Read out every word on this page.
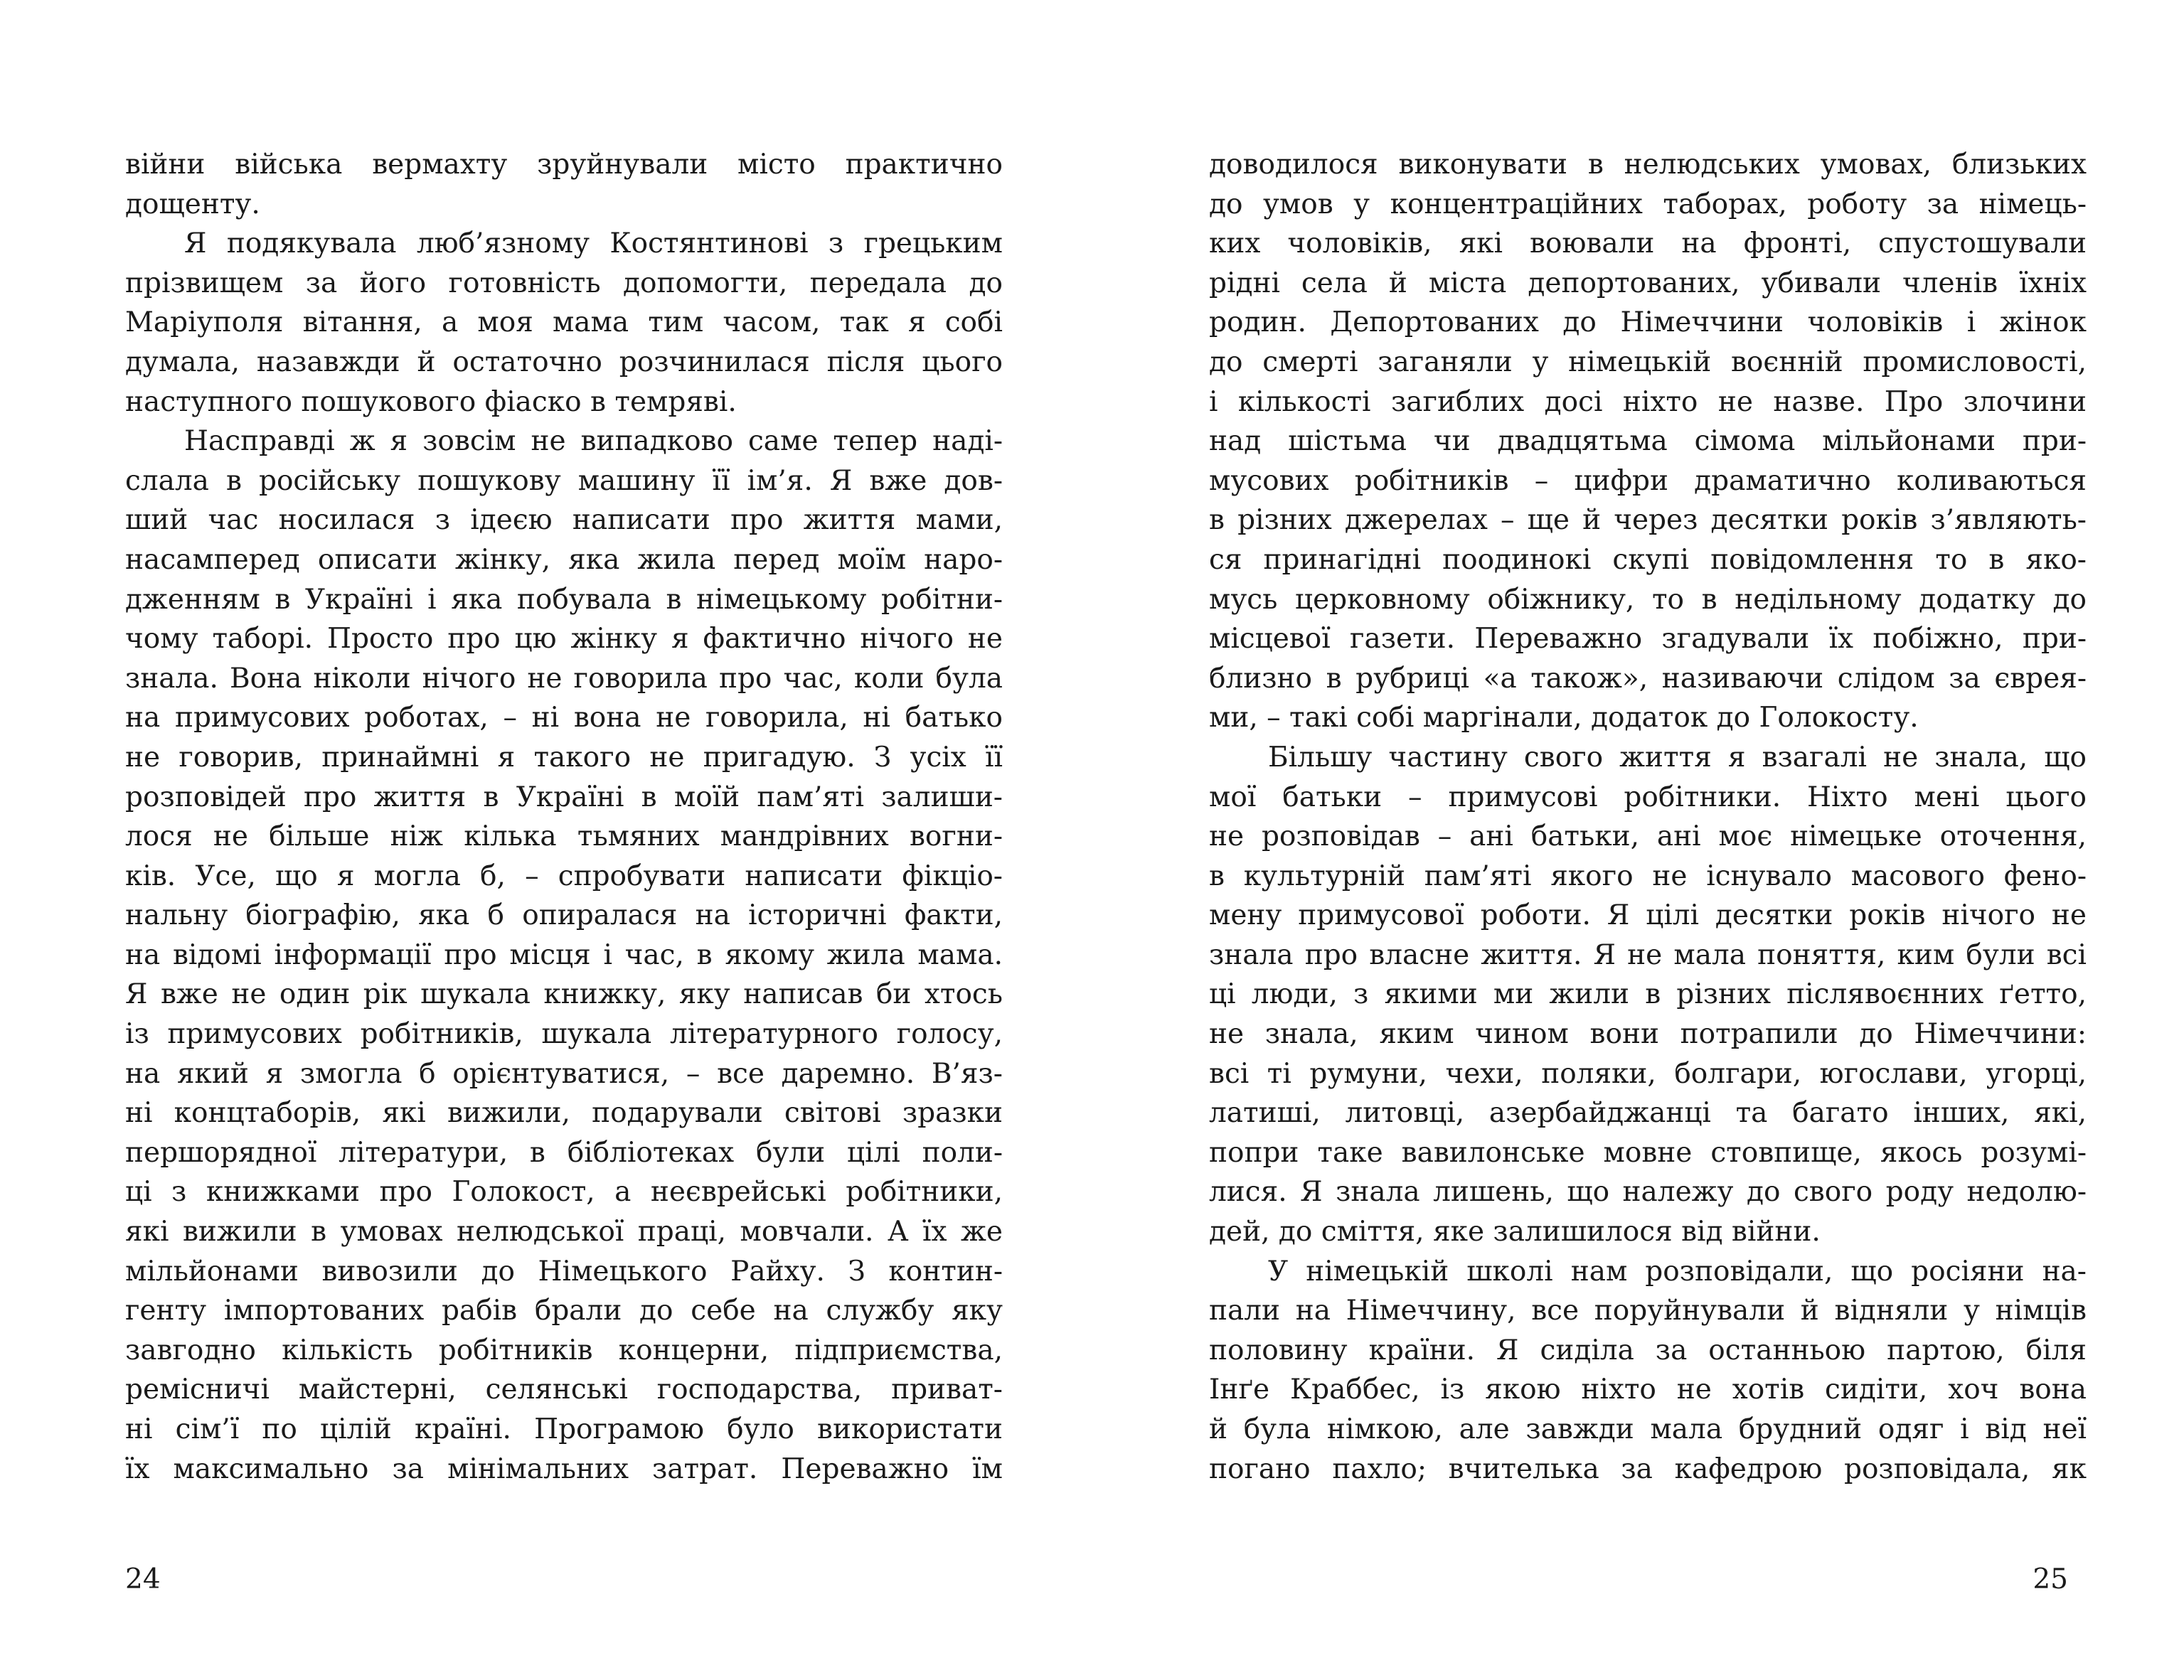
війни війська вермахту зруйнували місто практично
дощенту.
Я подякувала люб’язному Костянтинові з грецьким
прізвищем за його готовність допомогти, передала до
Маріуполя вітання, а моя мама тим часом, так я собі
думала, назавжди й остаточно розчинилася після цього
наступного пошукового фіаско в темряві.
Насправді ж я зовсім не випадково саме тепер наді-
слала в російську пошукову машину її ім’я. Я вже дов-
ший час носилася з ідеєю написати про життя мами,
насамперед описати жінку, яка жила перед моїм наро-
дженням в Україні і яка побувала в німецькому робітни-
чому таборі. Просто про цю жінку я фактично нічого не
знала. Вона ніколи нічого не говорила про час, коли була
на примусових роботах, – ні вона не говорила, ні батько
не говорив, принаймні я такого не пригадую. З усіх її
розповідей про життя в Україні в моїй пам’яті залиши-
лося не більше ніж кілька тьмяних мандрівних вогни-
ків. Усе, що я могла б, – спробувати написати фікціо-
нальну біографію, яка б опиралася на історичні факти,
на відомі інформації про місця і час, в якому жила мама.
Я вже не один рік шукала книжку, яку написав би хтось
із примусових робітників, шукала літературного голосу,
на який я змогла б орієнтуватися, – все даремно. В’яз-
ні концтаборів, які вижили, подарували світові зразки
першорядної літератури, в бібліотеках були цілі поли-
ці з книжками про Голокост, а неєврейські робітники,
які вижили в умовах нелюдської праці, мовчали. А їх же
мільйонами вивозили до Німецького Райху. З контин-
генту імпортованих рабів брали до себе на службу яку
завгодно кількість робітників концерни, підприємства,
ремісничі майстерні, селянські господарства, приват-
ні сім’ї по цілій країні. Програмою було використати
їх максимально за мінімальних затрат. Переважно їм
24
доводилося виконувати в нелюдських умовах, близьких
до умов у концентраційних таборах, роботу за німець-
ких чоловіків, які воювали на фронті, спустошували
рідні села й міста депортованих, убивали членів їхніх
родин. Депортованих до Німеччини чоловіків і жінок
до смерті заганяли у німецькій воєнній промисловості,
і кількості загиблих досі ніхто не назве. Про злочини
над шістьма чи двадцятьма сімома мільйонами при-
мусових робітників – цифри драматично коливаються
в різних джерелах – ще й через десятки років з’являють-
ся принагідні поодинокі скупі повідомлення то в яко-
мусь церковному обіжнику, то в недільному додатку до
місцевої газети. Переважно згадували їх побіжно, при-
близно в рубриці «а також», називаючи слідом за єврея-
ми, – такі собі маргінали, додаток до Голокосту.
Більшу частину свого життя я взагалі не знала, що
мої батьки – примусові робітники. Ніхто мені цього
не розповідав – ані батьки, ані моє німецьке оточення,
в культурній пам’яті якого не існувало масового фено-
мену примусової роботи. Я цілі десятки років нічого не
знала про власне життя. Я не мала поняття, ким були всі
ці люди, з якими ми жили в різних післявоєнних ґетто,
не знала, яким чином вони потрапили до Німеччини:
всі ті румуни, чехи, поляки, болгари, югослави, угорці,
латиші, литовці, азербайджанці та багато інших, які,
попри таке вавилонське мовне стовпище, якось розумі-
лися. Я знала лишень, що належу до свого роду недолю-
дей, до сміття, яке залишилося від війни.
У німецькій школі нам розповідали, що росіяни на-
пали на Німеччину, все поруйнували й відняли у німців
половину країни. Я сиділа за останньою партою, біля
Інґе Краббес, із якою ніхто не хотів сидіти, хоч вона
й була німкою, але завжди мала брудний одяг і від неї
погано пахло; вчителька за кафедрою розповідала, як
25
